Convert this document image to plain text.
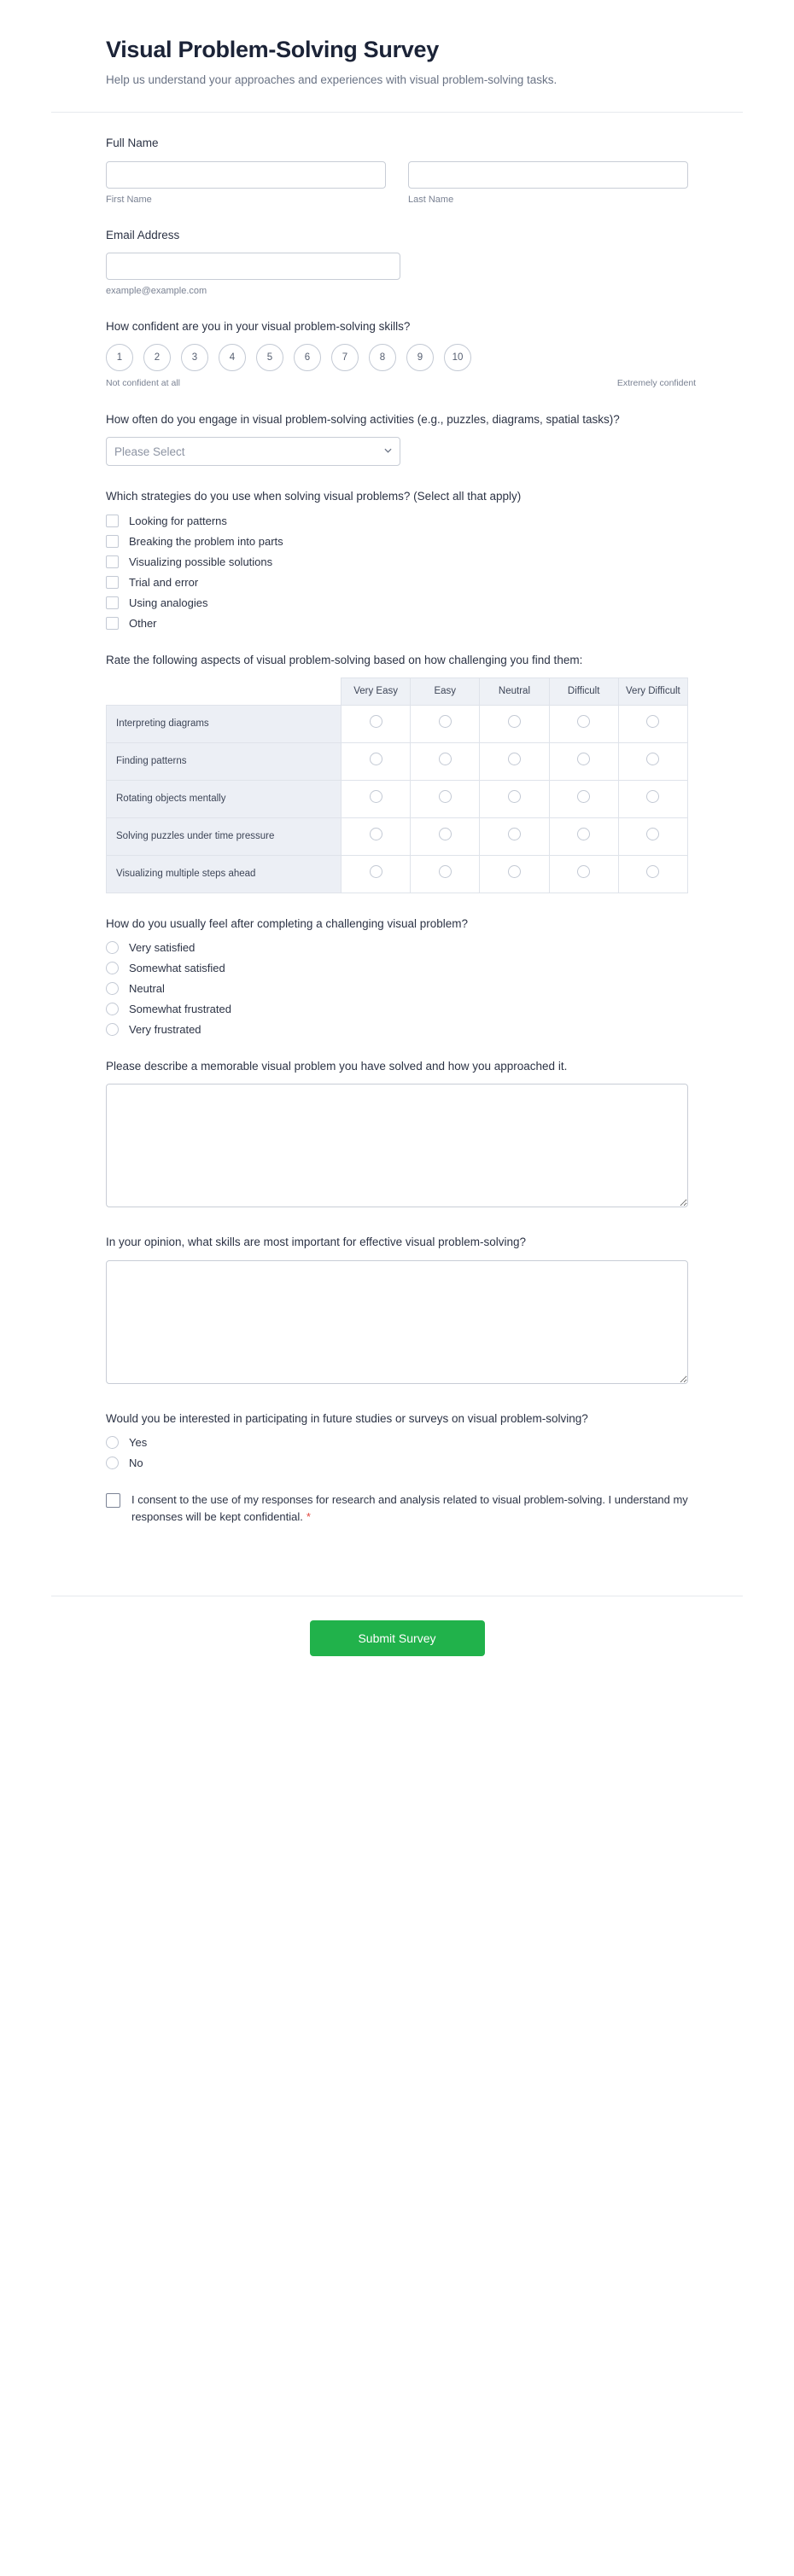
Visual Problem-Solving Survey

Help us understand your approaches and experiences with visual problem-solving tasks.

Full Name
First Name	Last Name
Email Address
example@example.com
How confident are you in your visual problem-solving skills?
1	2	3	4	5	6	7	8	9	10
Not confident at all	Extremely confident
How often do you engage in visual problem-solving activities (e.g., puzzles, diagrams, spatial tasks)?
Please Select
Which strategies do you use when solving visual problems? (Select all that apply)
Looking for patterns
Breaking the problem into parts
Visualizing possible solutions
Trial and error
Using analogies
Other
Rate the following aspects of visual problem-solving based on how challenging you find them:
	Very Easy	Easy	Neutral	Difficult	Very Difficult
Interpreting diagrams					
Finding patterns					
Rotating objects mentally					
Solving puzzles under time pressure					
Visualizing multiple steps ahead					
How do you usually feel after completing a challenging visual problem?
Very satisfied
Somewhat satisfied
Neutral
Somewhat frustrated
Very frustrated
Please describe a memorable visual problem you have solved and how you approached it.
In your opinion, what skills are most important for effective visual problem-solving?
Would you be interested in participating in future studies or surveys on visual problem-solving?
Yes
No
I consent to the use of my responses for research and analysis related to visual problem-solving. I understand my responses will be kept confidential. *
Submit Survey
